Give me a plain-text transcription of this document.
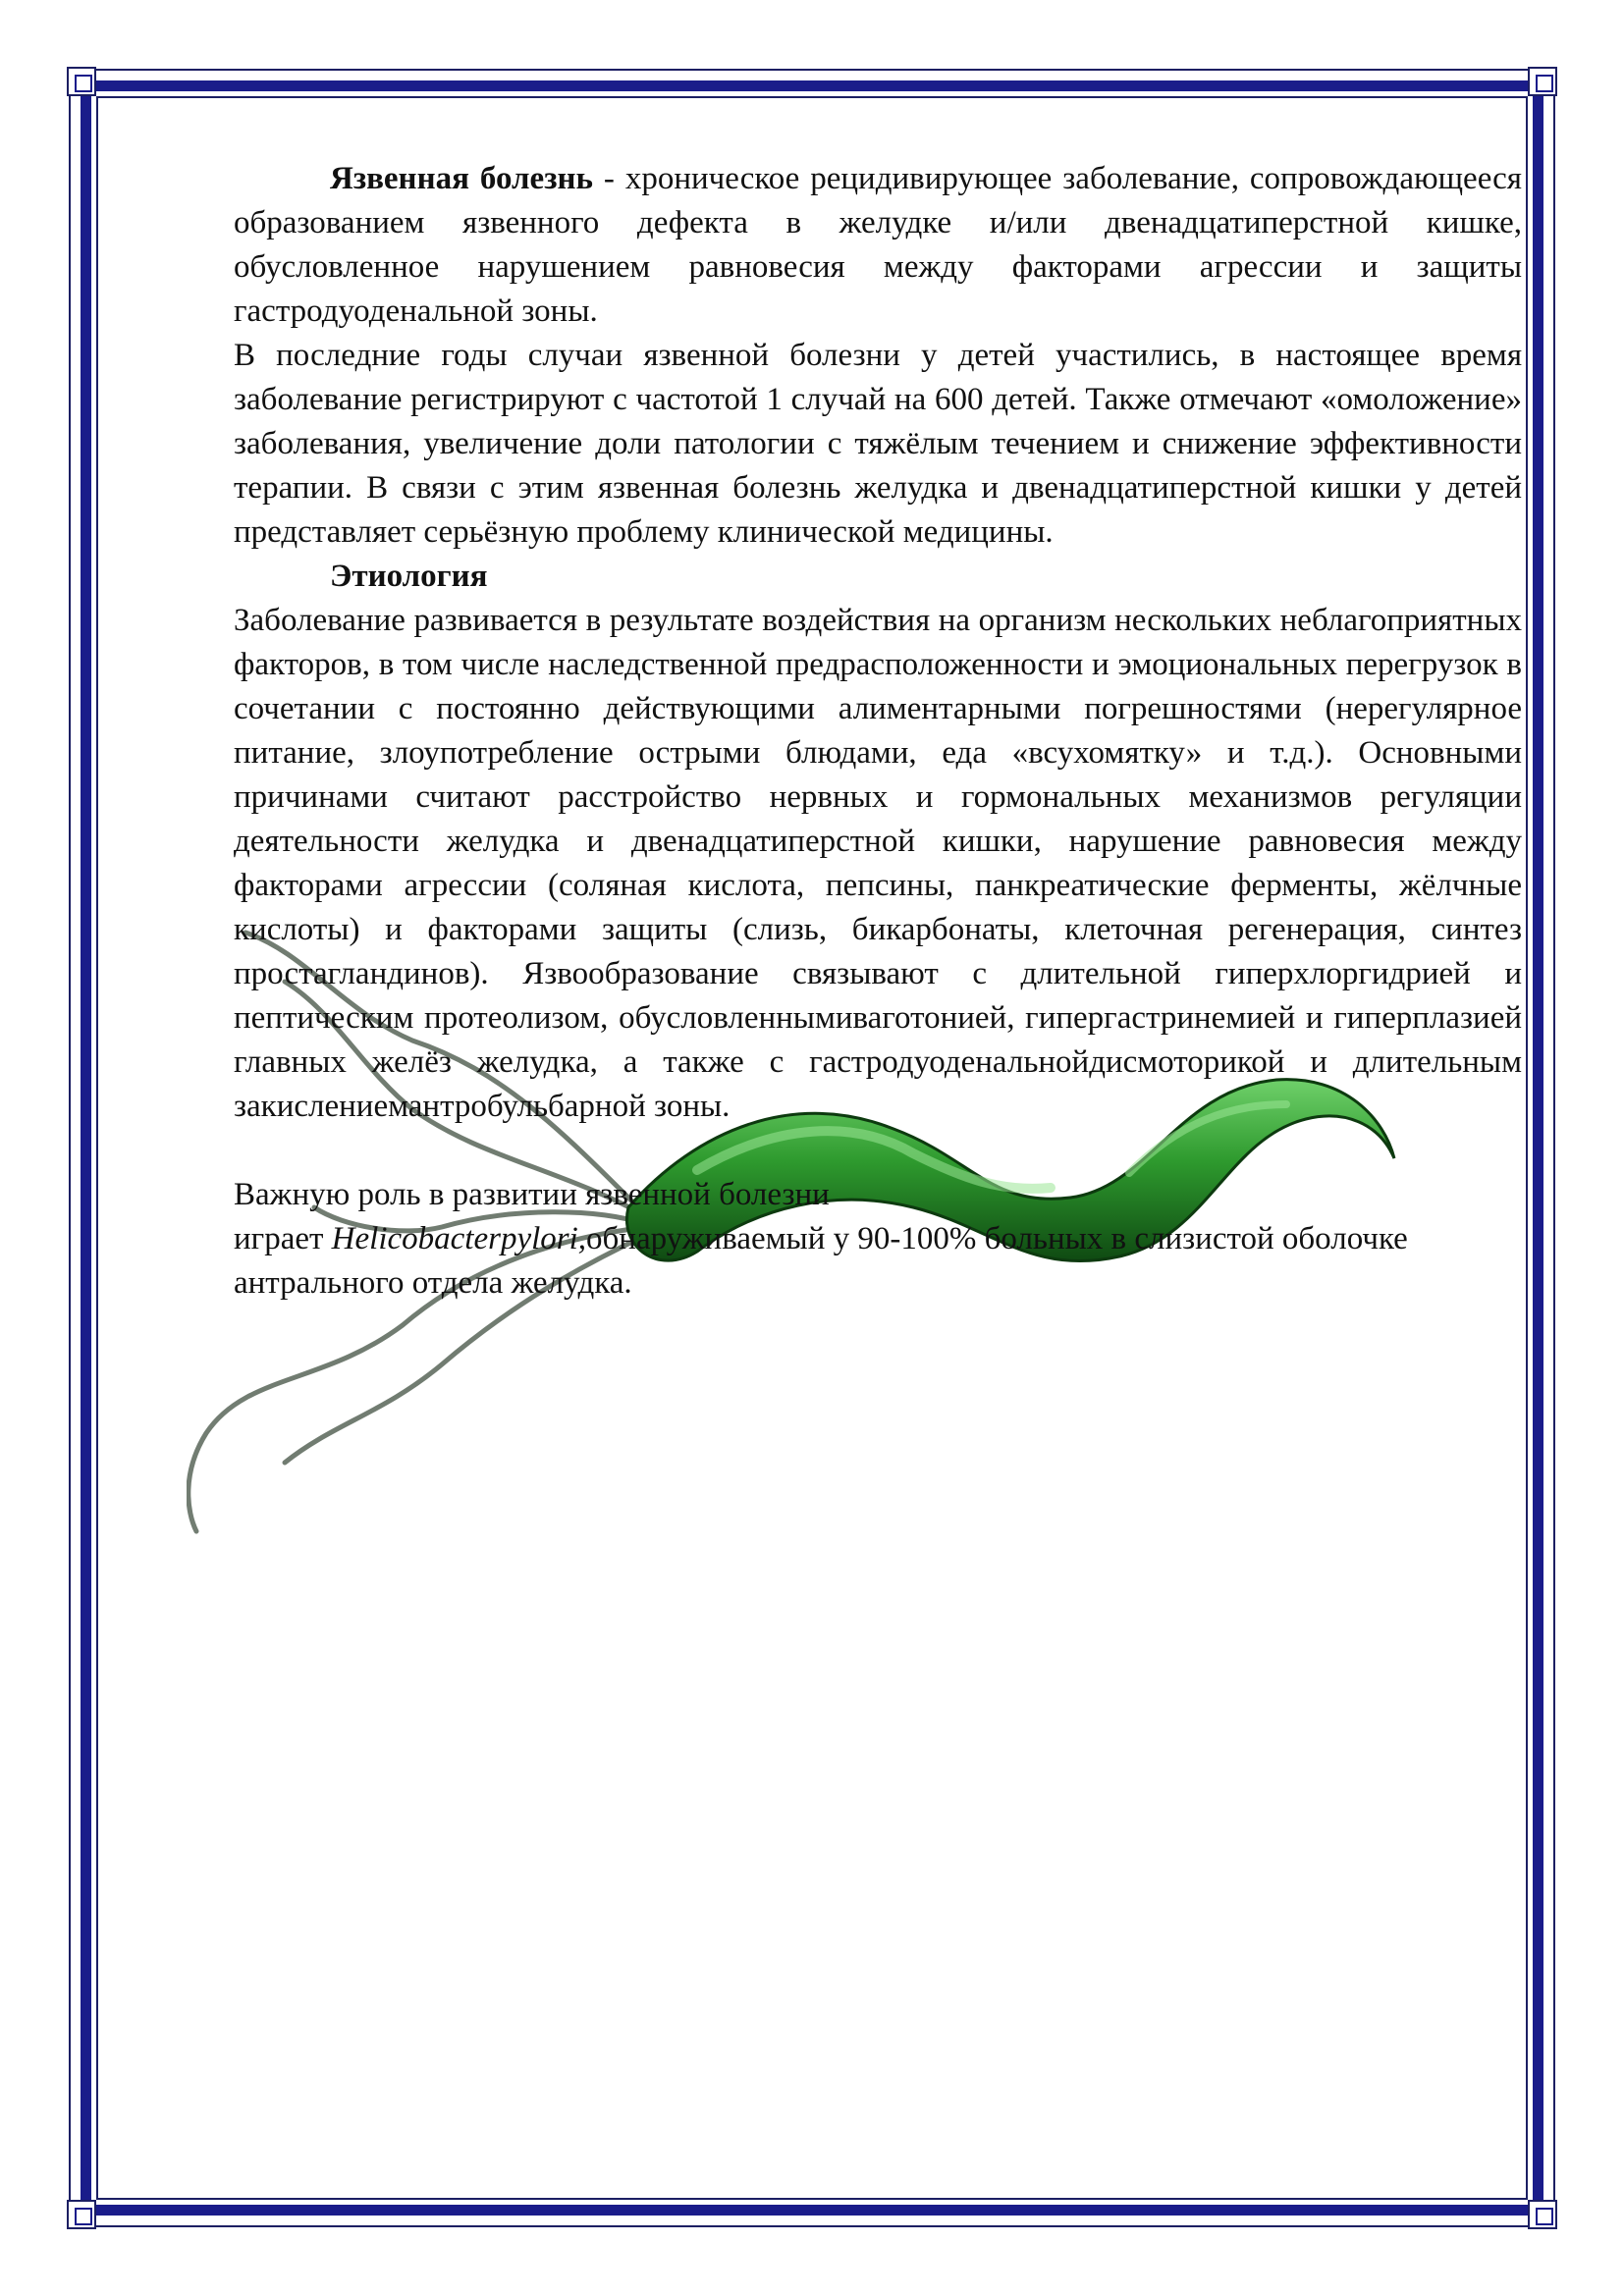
Язвенная болезнь - хроническое рецидивирующее заболевание, сопровождающееся образованием язвенного дефекта в желудке и/или двенадцатиперстной кишке, обусловленное нарушением равновесия между факторами агрессии и защиты гастродуоденальной зоны.

В последние годы случаи язвенной болезни у детей участились, в настоящее время заболевание регистрируют с частотой 1 случай на 600 детей. Также отмечают «омоложение» заболевания, увеличение доли патологии с тяжёлым течением и снижение эффективности терапии. В связи с этим язвенная болезнь желудка и двенадцатиперстной кишки у детей представляет серьёзную проблему клинической медицины.

Этиология

Заболевание развивается в результате воздействия на организм нескольких неблагоприятных факторов, в том числе наследственной предрасположенности и эмоциональных перегрузок в сочетании с постоянно действующими алиментарными погрешностями (нерегулярное питание, злоупотребление острыми блюдами, еда «всухомятку» и т.д.). Основными причинами считают расстройство нервных и гормональных механизмов регуляции деятельности желудка и двенадцатиперстной кишки, нарушение равновесия между факторами агрессии (соляная кислота, пепсины, панкреатические ферменты, жёлчные кислоты) и факторами защиты (слизь, бикарбонаты, клеточная регенерация, синтез простагландинов). Язвообразование связывают с длительной гиперхлоргидрией и пептическим протеолизом, обусловленнымиваготонией, гипергастринемией и гиперплазией главных желёз желудка, а также с гастродуоденальнойдисмоторикой и длительным закислениемантробульбарной зоны.

Важную роль в развитии язвенной болезни

играет Helicobacterpylori,обнаруживаемый у 90-100% больных в слизистой оболочке антрального отдела желудка.
